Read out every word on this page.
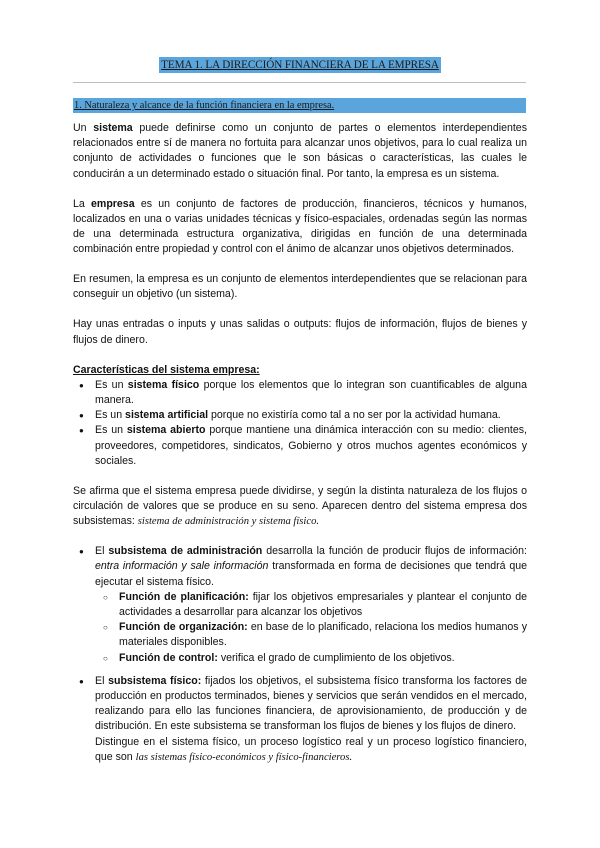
TEMA 1. LA DIRECCIÓN FINANCIERA DE LA EMPRESA
1. Naturaleza y alcance de la función financiera en la empresa.

Un sistema puede definirse como un conjunto de partes o elementos interdependientes relacionados entre sí de manera no fortuita para alcanzar unos objetivos, para lo cual realiza un conjunto de actividades o funciones que le son básicas o características, las cuales le conducirán a un determinado estado o situación final. Por tanto, la empresa es un sistema.

La empresa es un conjunto de factores de producción, financieros, técnicos y humanos, localizados en una o varias unidades técnicas y físico-espaciales, ordenadas según las normas de una determinada estructura organizativa, dirigidas en función de una determinada combinación entre propiedad y control con el ánimo de alcanzar unos objetivos determinados.

En resumen, la empresa es un conjunto de elementos interdependientes que se relacionan para conseguir un objetivo (un sistema).

Hay unas entradas o inputs y unas salidas o outputs: flujos de información, flujos de bienes y flujos de dinero.

Características del sistema empresa:
● Es un sistema físico porque los elementos que lo integran son cuantificables de alguna manera.
● Es un sistema artificial porque no existiría como tal a no ser por la actividad humana.
● Es un sistema abierto porque mantiene una dinámica interacción con su medio: clientes, proveedores, competidores, sindicatos, Gobierno y otros muchos agentes económicos y sociales.

Se afirma que el sistema empresa puede dividirse, y según la distinta naturaleza de los flujos o circulación de valores que se produce en su seno. Aparecen dentro del sistema empresa dos subsistemas: sistema de administración y sistema físico.

● El subsistema de administración desarrolla la función de producir flujos de información: entra información y sale información transformada en forma de decisiones que tendrá que ejecutar el sistema físico.
○ Función de planificación: fijar los objetivos empresariales y plantear el conjunto de actividades a desarrollar para alcanzar los objetivos
○ Función de organización: en base de lo planificado, relaciona los medios humanos y materiales disponibles.
○ Función de control: verifica el grado de cumplimiento de los objetivos.
● El subsistema físico: fijados los objetivos, el subsistema físico transforma los factores de producción en productos terminados, bienes y servicios que serán vendidos en el mercado, realizando para ello las funciones financiera, de aprovisionamiento, de producción y de distribución. En este subsistema se transforman los flujos de bienes y los flujos de dinero.
Distingue en el sistema físico, un proceso logístico real y un proceso logístico financiero, que son las sistemas físico-económicos y físico-financieros.
